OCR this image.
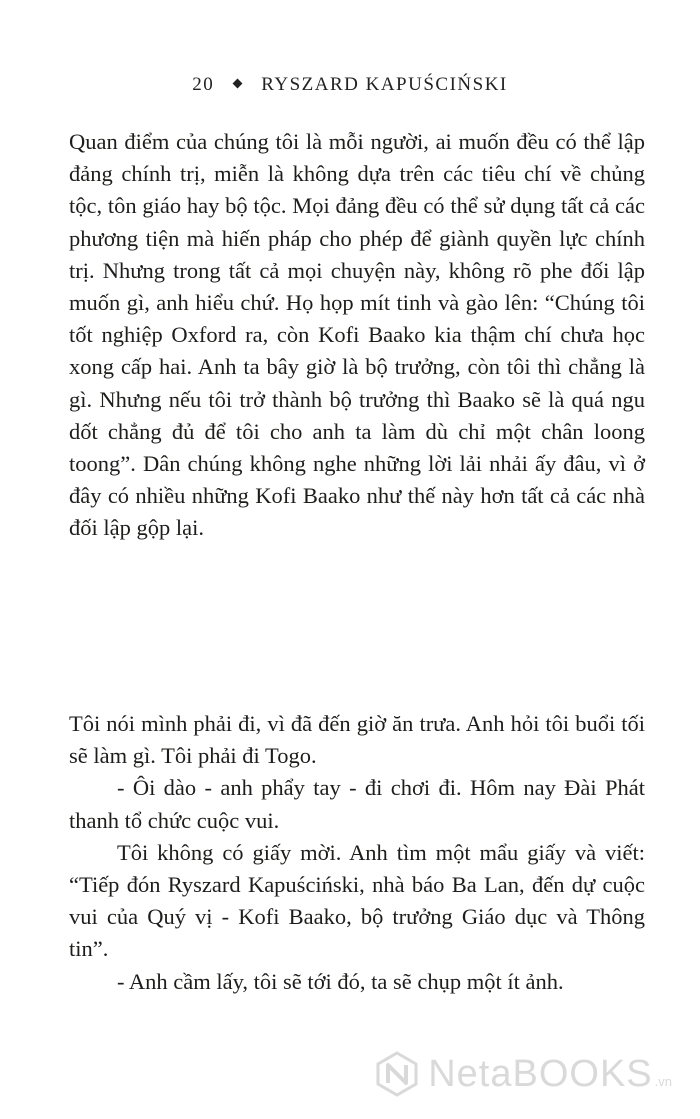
20 RYSZARD KAPUŚCIŃSKI

Quan điểm của chúng tôi là mỗi người, ai muốn đều có thể lập đảng chính trị, miễn là không dựa trên các tiêu chí về chủng tộc, tôn giáo hay bộ tộc. Mọi đảng đều có thể sử dụng tất cả các phương tiện mà hiến pháp cho phép để giành quyền lực chính trị. Nhưng trong tất cả mọi chuyện này, không rõ phe đối lập muốn gì, anh hiểu chứ. Họ họp mít tinh và gào lên: “Chúng tôi tốt nghiệp Oxford ra, còn Kofi Baako kia thậm chí chưa học xong cấp hai. Anh ta bây giờ là bộ trưởng, còn tôi thì chẳng là gì. Nhưng nếu tôi trở thành bộ trưởng thì Baako sẽ là quá ngu dốt chẳng đủ để tôi cho anh ta làm dù chỉ một chân loong toong”. Dân chúng không nghe những lời lải nhải ấy đâu, vì ở đây có nhiều những Kofi Baako như thế này hơn tất cả các nhà đối lập gộp lại.

Tôi nói mình phải đi, vì đã đến giờ ăn trưa. Anh hỏi tôi buổi tối sẽ làm gì. Tôi phải đi Togo.

- Ôi dào - anh phẩy tay - đi chơi đi. Hôm nay Đài Phát thanh tổ chức cuộc vui.

Tôi không có giấy mời. Anh tìm một mẩu giấy và viết: “Tiếp đón Ryszard Kapuściński, nhà báo Ba Lan, đến dự cuộc vui của Quý vị - Kofi Baako, bộ trưởng Giáo dục và Thông tin”.

- Anh cầm lấy, tôi sẽ tới đó, ta sẽ chụp một ít ảnh.

NetaBOOKS .vn
